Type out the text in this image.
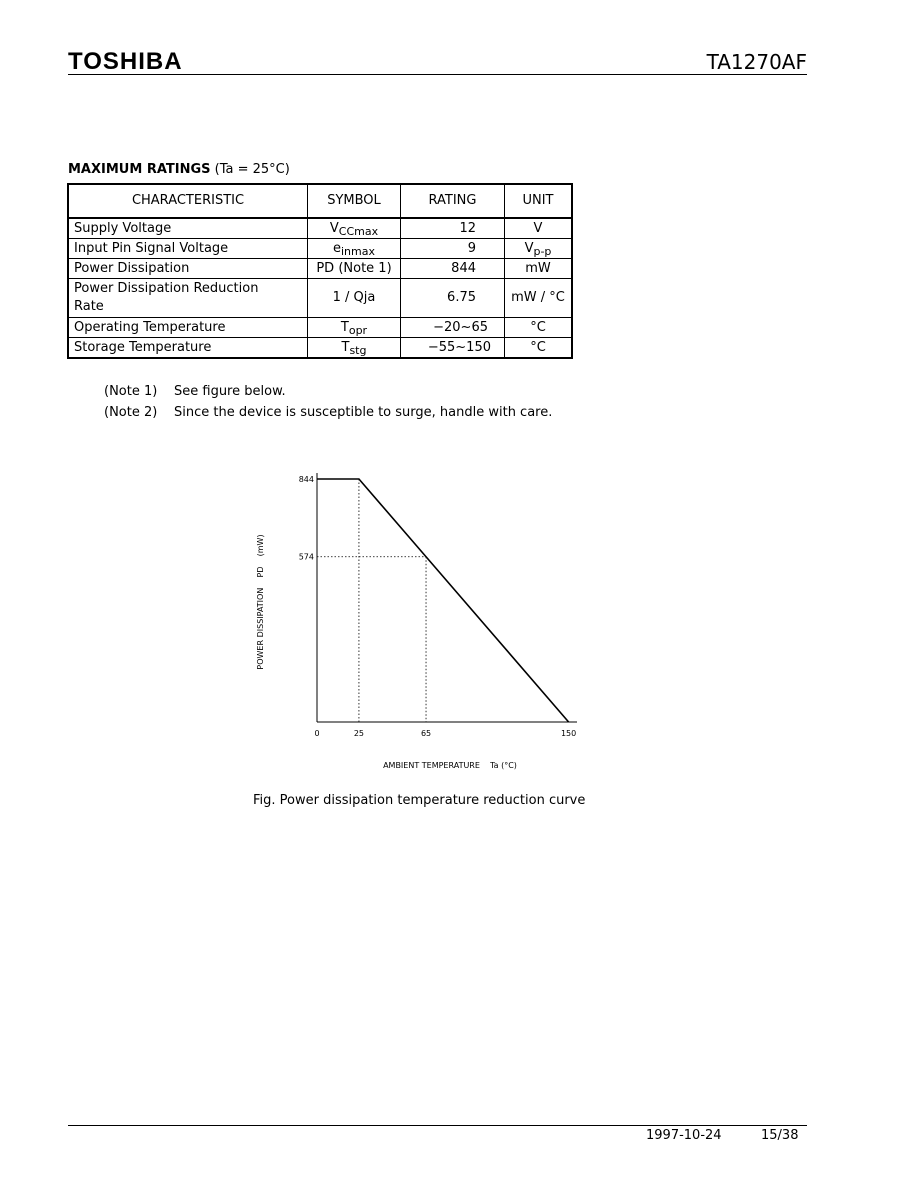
TOSHIBA	TA1270AF
MAXIMUM RATINGS (Ta = 25°C)
CHARACTERISTIC	SYMBOL	RATING	UNIT
Supply Voltage	$V_{CCmax}$	12	V
Input Pin Signal Voltage	$e_{inmax}$	9	$V_{p-p}$
Power Dissipation	PD (Note 1)	844	mW
Power Dissipation Reduction
Rate	1 / Qja	6.75	mW / °C
Operating Temperature	$T_{opr}$	−20~65	°C
Storage Temperature	$T_{stg}$	−55~150	°C
(Note 1) See figure below.
(Note 2) Since the device is susceptible to surge, handle with care.
0	25	65	150
844
574
AMBIENT TEMPERATURE    Ta (°C)
POWER DISSIPATION    PD    (mW)
Fig. Power dissipation temperature reduction curve
1997-10-24	15/38
